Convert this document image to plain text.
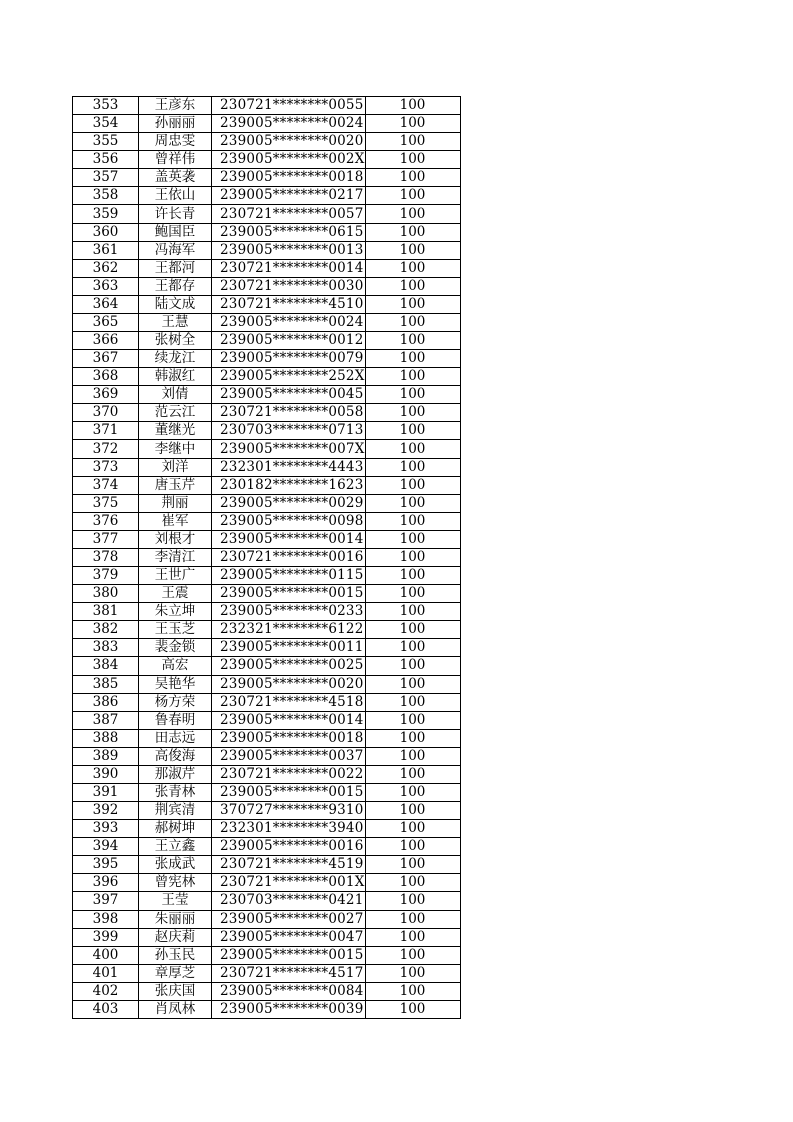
353	王彦东	230721********0055	100
354	孙丽丽	239005********0024	100
355	周忠雯	239005********0020	100
356	曾祥伟	239005********002X	100
357	盖英袭	239005********0018	100
358	王依山	239005********0217	100
359	许长青	230721********0057	100
360	鲍国臣	239005********0615	100
361	冯海军	239005********0013	100
362	王都河	230721********0014	100
363	王都存	230721********0030	100
364	陆文成	230721********4510	100
365	王慧	239005********0024	100
366	张树全	239005********0012	100
367	续龙江	239005********0079	100
368	韩淑红	239005********252X	100
369	刘倩	239005********0045	100
370	范云江	230721********0058	100
371	董继光	230703********0713	100
372	李继中	239005********007X	100
373	刘洋	232301********4443	100
374	唐玉芹	230182********1623	100
375	荆丽	239005********0029	100
376	崔军	239005********0098	100
377	刘根才	239005********0014	100
378	李清江	230721********0016	100
379	王世广	239005********0115	100
380	王震	239005********0015	100
381	朱立坤	239005********0233	100
382	王玉芝	232321********6122	100
383	裴金锁	239005********0011	100
384	高宏	239005********0025	100
385	吴艳华	239005********0020	100
386	杨方荣	230721********4518	100
387	鲁春明	239005********0014	100
388	田志远	239005********0018	100
389	高俊海	239005********0037	100
390	那淑芹	230721********0022	100
391	张青林	239005********0015	100
392	荆宾清	370727********9310	100
393	郝树坤	232301********3940	100
394	王立鑫	239005********0016	100
395	张成武	230721********4519	100
396	曾宪林	230721********001X	100
397	王莹	230703********0421	100
398	朱丽丽	239005********0027	100
399	赵庆莉	239005********0047	100
400	孙玉民	239005********0015	100
401	章厚芝	230721********4517	100
402	张庆国	239005********0084	100
403	肖凤林	239005********0039	100
